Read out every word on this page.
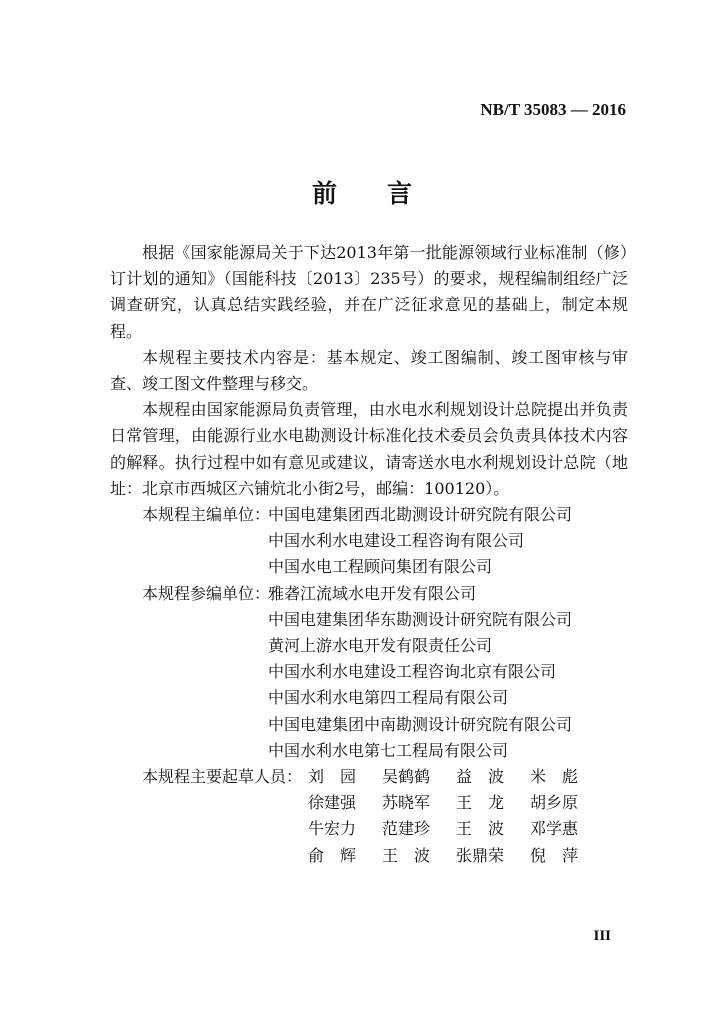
NB/T 35083 — 2016
前言

根据《国家能源局关于下达2013年第一批能源领域行业标准制（修）订计划的通知》（国能科技〔2013〕235号）的要求，规程编制组经广泛调查研究，认真总结实践经验，并在广泛征求意见的基础上，制定本规程。

本规程主要技术内容是：基本规定、竣工图编制、竣工图审核与审查、竣工图文件整理与移交。

本规程由国家能源局负责管理，由水电水利规划设计总院提出并负责日常管理，由能源行业水电勘测设计标准化技术委员会负责具体技术内容的解释。执行过程中如有意见或建议，请寄送水电水利规划设计总院（地址：北京市西城区六铺炕北小街2号，邮编：100120）。

本规程主编单位：
中国电建集团西北勘测设计研究院有限公司
中国水利水电建设工程咨询有限公司
中国水电工程顾问集团有限公司
本规程参编单位：
雅砻江流域水电开发有限公司
中国电建集团华东勘测设计研究院有限公司
黄河上游水电开发有限责任公司
中国水利水电建设工程咨询北京有限公司
中国水利水电第四工程局有限公司
中国电建集团中南勘测设计研究院有限公司
中国水利水电第七工程局有限公司
本规程主要起草人员： 刘　园	吴鹤鹤	益　波	米　彪
徐建强	苏晓军	王　龙	胡乡原
牛宏力	范建珍	王　波	邓学惠
俞　辉	王　波	张鼎荣	倪　萍
III
